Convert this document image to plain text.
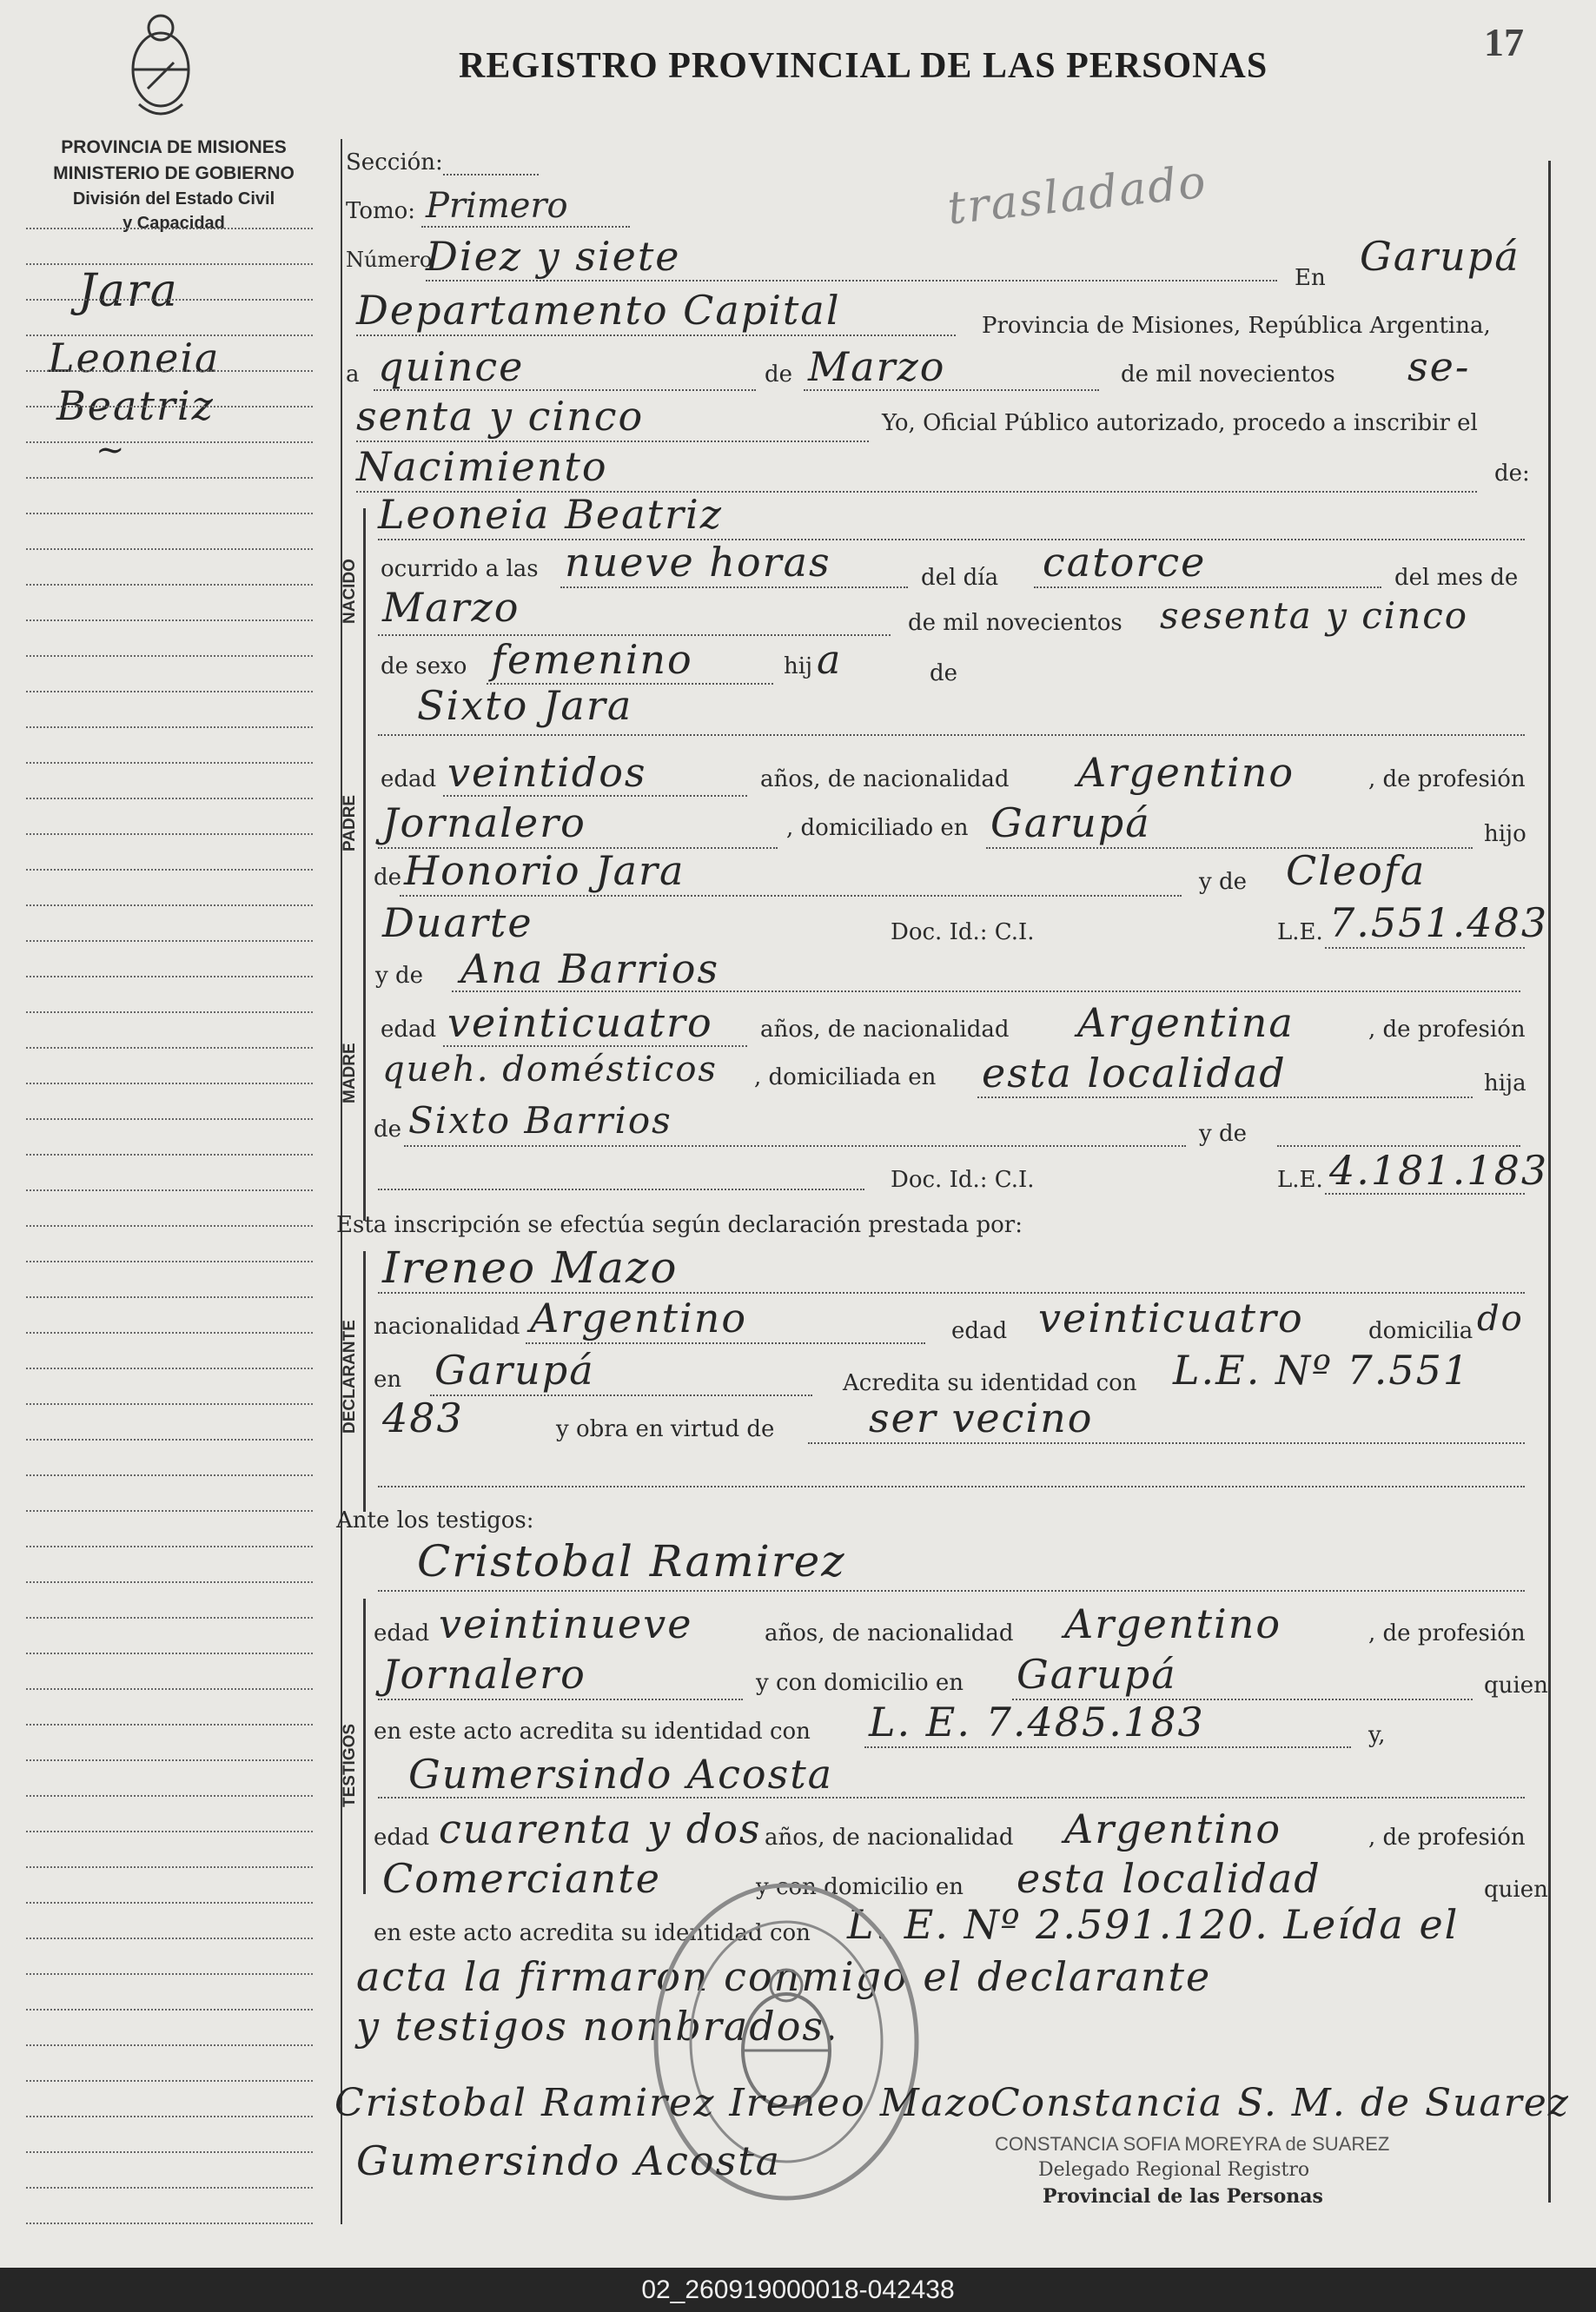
REGISTRO PROVINCIAL DE LAS PERSONAS
17
PROVINCIA DE MISIONES
MINISTERIO DE GOBIERNO
División del Estado Civil
y Capacidad	trasladado
Jara
Leoneia
Beatriz
~
NACIDO
PADRE
MADRE
DECLARANTE
TESTIGOS
Sección:
Tomo: Primero
Número
Diez y siete	En Garupá
Departamento Capital	Provincia de Misiones, República Argentina,
a quince	de Marzo	de mil novecientos se-
senta y cinco	Yo, Oficial Público autorizado, procedo a inscribir el
Nacimiento	de:
Leoneia Beatriz
ocurrido a las nueve horas	del día catorce	del mes de
Marzo	de mil novecientos sesenta y cinco
de sexo femenino	hij a	de
Sixto Jara
edad veintidos	años, de nacionalidad Argentino	, de profesión
Jornalero	, domiciliado en Garupá	hijo
de Honorio Jara	y de Cleofa
Duarte	Doc. Id.: C.I.	L.E. 7.551.483
y de Ana Barrios
edad veinticuatro años, de nacionalidad Argentina	, de profesión
queh. domésticos , domiciliada en esta localidad	hija
de Sixto Barrios	y de
Doc. Id.: C.I.	L.E. 4.181.183
Esta inscripción se efectúa según declaración prestada por:
Ireneo Mazo
nacionalidad Argentino	edad veinticuatro	domicilia do
en Garupá	Acredita su identidad con L.E. Nº 7.551
483	y obra en virtud de ser vecino
Ante los testigos:
Cristobal Ramirez
edad veintinueve	años, de nacionalidad Argentino	, de profesión
Jornalero	y con domicilio en Garupá	quien
en este acto acredita su identidad con L. E. 7.485.183	y,
Gumersindo Acosta
edad cuarenta y dos años, de nacionalidad Argentino	, de profesión
Comerciante	y con domicilio en esta localidad	quien
en este acto acredita su identidad con L. E. Nº 2.591.120. Leída el
acta la firmaron conmigo el declarante
y testigos nombrados.
Cristobal Ramirez Ireneo Mazo
Gumersindo Acosta
Constancia S. M. de Suarez
CONSTANCIA SOFIA MOREYRA de SUAREZ
Delegado Regional Registro
Provincial de las Personas
02_260919000018-042438
